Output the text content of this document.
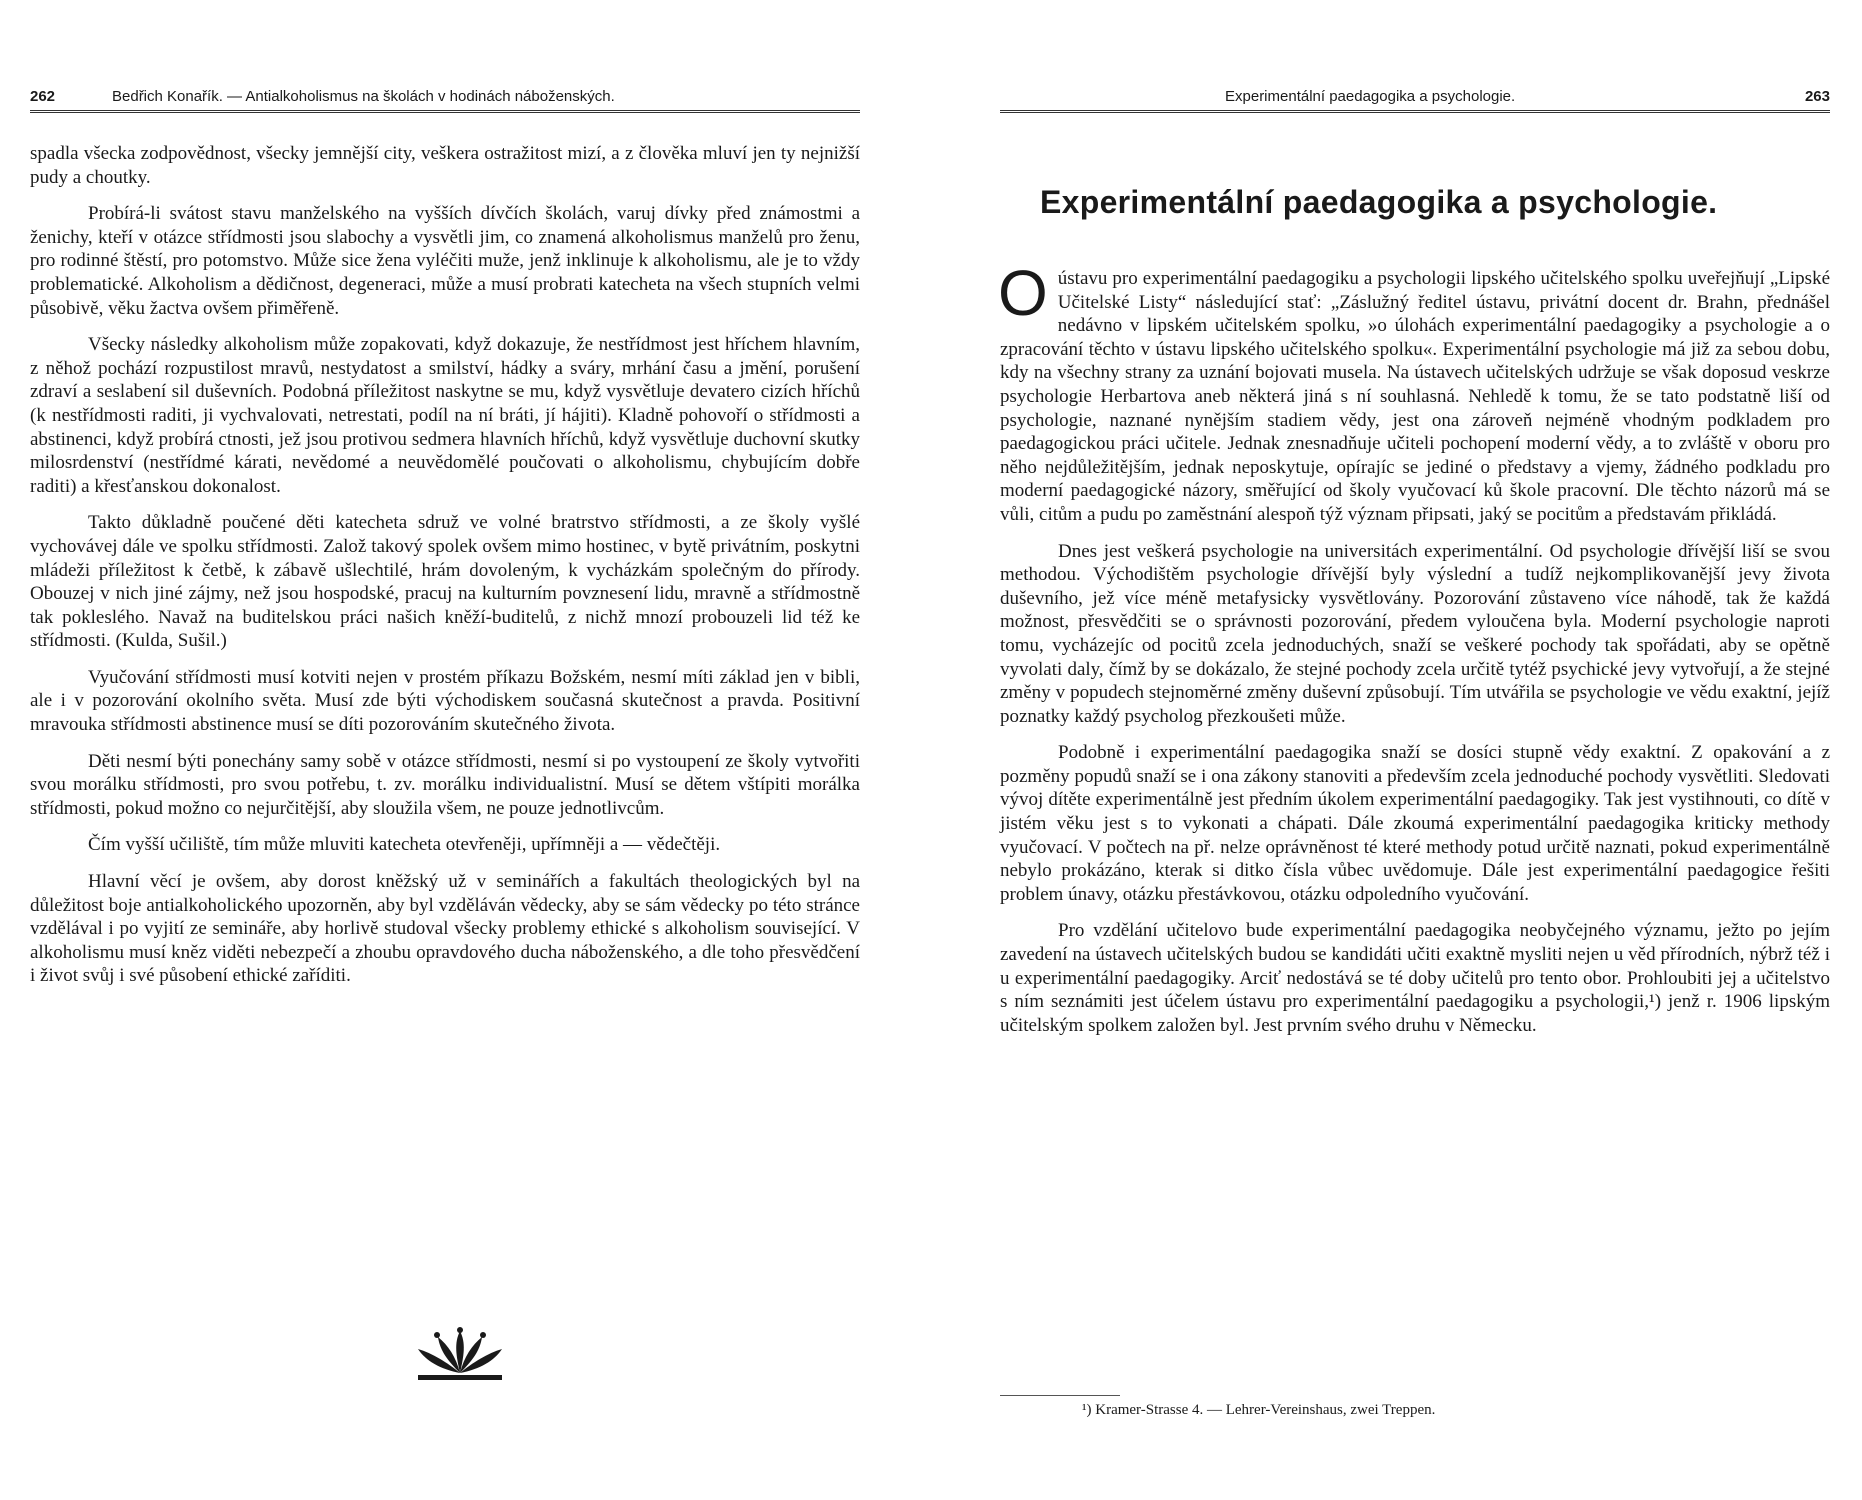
262	Bedřich Konařík. — Antialkoholismus na školách v hodinách náboženských.

spadla všecka zodpovědnost, všecky jemnější city, veškera ostražitost mizí, a z člověka mluví jen ty nejnižší pudy a choutky.

Probírá-li svátost stavu manželského na vyšších dívčích školách, varuj dívky před známostmi a ženichy, kteří v otázce střídmosti jsou slabochy a vysvětli jim, co znamená alkoholismus manželů pro ženu, pro rodinné štěstí, pro potomstvo. Může sice žena vyléčiti muže, jenž inklinuje k alkoholismu, ale je to vždy problematické. Alkoholism a dědičnost, degeneraci, může a musí probrati katecheta na všech stupních velmi působivě, věku žactva ovšem přiměřeně.

Všecky následky alkoholism může zopakovati, když dokazuje, že nestřídmost jest hříchem hlavním, z něhož pochází rozpustilost mravů, nestydatost a smilství, hádky a sváry, mrhání času a jmění, porušení zdraví a seslabení sil duševních. Podobná příležitost naskytne se mu, když vysvětluje devatero cizích hříchů (k nestřídmosti raditi, ji vychvalovati, netrestati, podíl na ní bráti, jí hájiti). Kladně pohovoří o střídmosti a abstinenci, když probírá ctnosti, jež jsou protivou sedmera hlavních hříchů, když vysvětluje duchovní skutky milosrdenství (nestřídmé kárati, nevědomé a neuvědomělé poučovati o alkoholismu, chybujícím dobře raditi) a křesťanskou dokonalost.

Takto důkladně poučené děti katecheta sdruž ve volné bratrstvo střídmosti, a ze školy vyšlé vychovávej dále ve spolku střídmosti. Založ takový spolek ovšem mimo hostinec, v bytě privátním, poskytni mládeži příležitost k četbě, k zábavě ušlechtilé, hrám dovoleným, k vycházkám společným do přírody. Obouzej v nich jiné zájmy, než jsou hospodské, pracuj na kulturním povznesení lidu, mravně a střídmostně tak pokleslého. Navaž na buditelskou práci našich kněží-buditelů, z nichž mnozí probouzeli lid též ke střídmosti. (Kulda, Sušil.)

Vyučování střídmosti musí kotviti nejen v prostém příkazu Božském, nesmí míti základ jen v bibli, ale i v pozorování okolního světa. Musí zde býti východiskem současná skutečnost a pravda. Positivní mravouka střídmosti abstinence musí se díti pozorováním skutečného života.

Děti nesmí býti ponechány samy sobě v otázce střídmosti, nesmí si po vystoupení ze školy vytvořiti svou morálku střídmosti, pro svou potřebu, t. zv. morálku individualistní. Musí se dětem vštípiti morálka střídmosti, pokud možno co nejurčitější, aby sloužila všem, ne pouze jednotlivcům.

Čím vyšší učiliště, tím může mluviti katecheta otevřeněji, upřímněji a — vědečtěji.

Hlavní věcí je ovšem, aby dorost kněžský už v seminářích a fakultách theologických byl na důležitost boje antialkoholického upozorněn, aby byl vzděláván vědecky, aby se sám vědecky po této stránce vzdělával i po vyjití ze semináře, aby horlivě studoval všecky problemy ethické s alkoholism související. V alkoholismu musí kněz viděti nebezpečí a zhoubu opravdového ducha náboženského, a dle toho přesvědčení i život svůj i své působení ethické zaříditi.

Experimentální paedagogika a psychologie.	263
Experimentální paedagogika a psychologie.

Oústavu pro experimentální paedagogiku a psychologii lipského učitelského spolku uveřejňují „Lipské Učitelské Listy“ následující stať: „Záslužný ředitel ústavu, privátní docent dr. Brahn, přednášel nedávno v lipském učitelském spolku, »o úlohách experimentální paedagogiky a psychologie a o zpracování těchto v ústavu lipského učitelského spolku«. Experimentální psychologie má již za sebou dobu, kdy na všechny strany za uznání bojovati musela. Na ústavech učitelských udržuje se však doposud veskrze psychologie Herbartova aneb některá jiná s ní souhlasná. Nehledě k tomu, že se tato podstatně liší od psychologie, naznané nynějším stadiem vědy, jest ona zároveň nejméně vhodným podkladem pro paedagogickou práci učitele. Jednak znesnadňuje učiteli pochopení moderní vědy, a to zvláště v oboru pro něho nejdůležitějším, jednak neposkytuje, opírajíc se jediné o představy a vjemy, žádného podkladu pro moderní paedagogické názory, směřující od školy vyučovací ků škole pracovní. Dle těchto názorů má se vůli, citům a pudu po zaměstnání alespoň týž význam připsati, jaký se pocitům a představám přikládá.

Dnes jest veškerá psychologie na universitách experimentální. Od psychologie dřívější liší se svou methodou. Východištěm psychologie dřívější byly výslední a tudíž nejkomplikovanější jevy života duševního, jež více méně metafysicky vysvětlovány. Pozorování zůstaveno více náhodě, tak že každá možnost, přesvědčiti se o správnosti pozorování, předem vyloučena byla. Moderní psychologie naproti tomu, vycházejíc od pocitů zcela jednoduchých, snaží se veškeré pochody tak spořádati, aby se opětně vyvolati daly, čímž by se dokázalo, že stejné pochody zcela určitě tytéž psychické jevy vytvořují, a že stejné změny v popudech stejnoměrné změny duševní způsobují. Tím utvářila se psychologie ve vědu exaktní, jejíž poznatky každý psycholog přezkoušeti může.

Podobně i experimentální paedagogika snaží se dosíci stupně vědy exaktní. Z opakování a z pozměny popudů snaží se i ona zákony stanoviti a především zcela jednoduché pochody vysvětliti. Sledovati vývoj dítěte experimentálně jest předním úkolem experimentální paedagogiky. Tak jest vystihnouti, co dítě v jistém věku jest s to vykonati a chápati. Dále zkoumá experimentální paedagogika kriticky methody vyučovací. V počtech na př. nelze oprávněnost té které methody potud určitě naznati, pokud experimentálně nebylo prokázáno, kterak si ditko čísla vůbec uvědomuje. Dále jest experimentální paedagogice řešiti problem únavy, otázku přestávkovou, otázku odpoledního vyučování.

Pro vzdělání učitelovo bude experimentální paedagogika neobyčejného významu, ježto po jejím zavedení na ústavech učitelských budou se kandidáti učiti exaktně mysliti nejen u věd přírodních, nýbrž též i u experimentální paedagogiky. Arciť nedostává se té doby učitelů pro tento obor. Prohloubiti jej a učitelstvo s ním seznámiti jest účelem ústavu pro experimentální paedagogiku a psychologii,¹) jenž r. 1906 lipským učitelským spolkem založen byl. Jest prvním svého druhu v Německu.

¹) Kramer-Strasse 4. — Lehrer-Vereinshaus, zwei Treppen.
